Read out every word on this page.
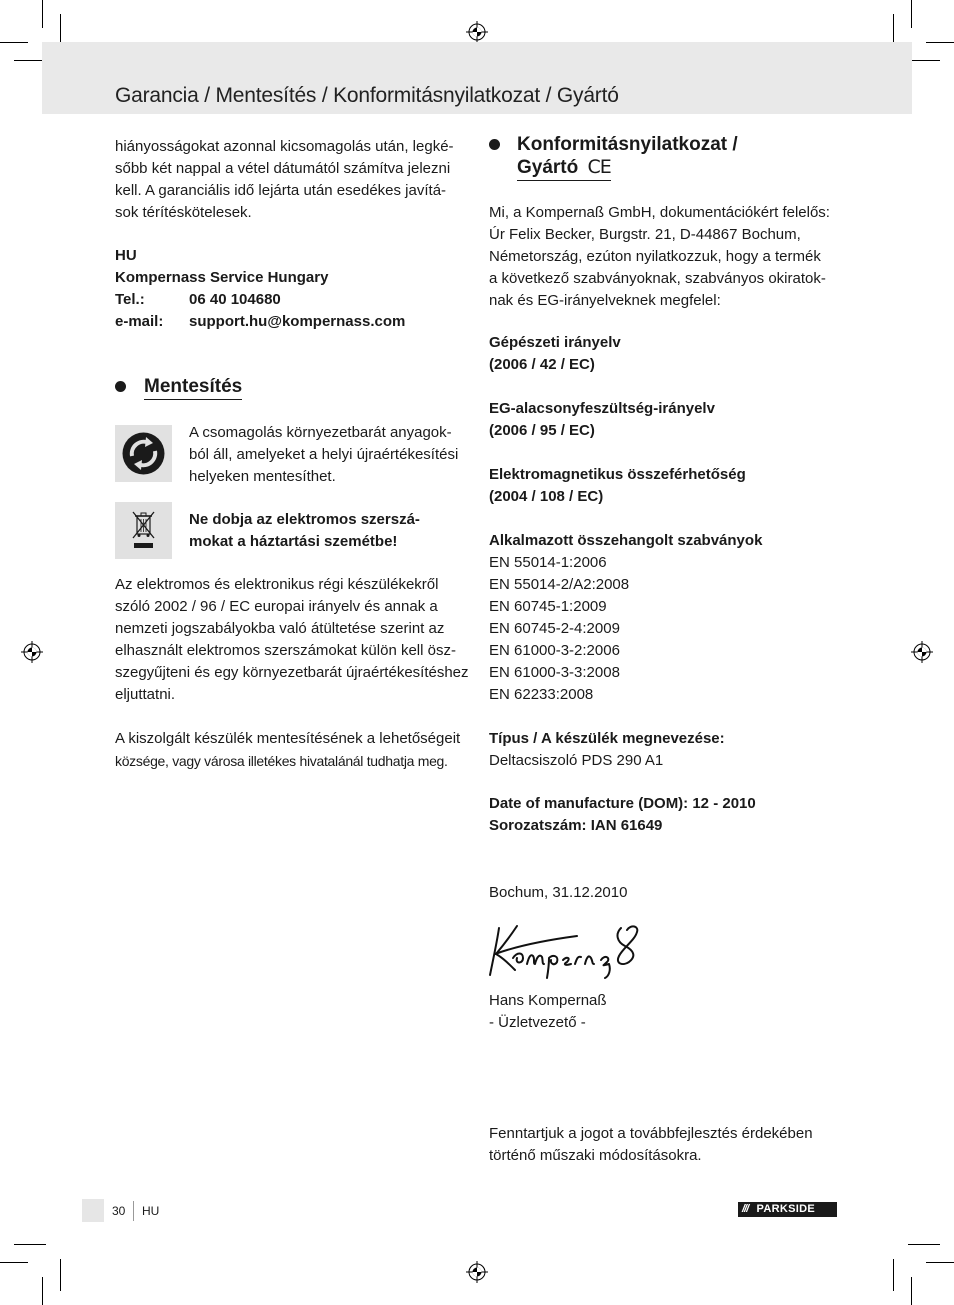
Garancia / Mentesítés / Konformitásnyilatkozat / Gyártó
hiányosságokat azonnal kicsomagolás után, legké-
sőbb két nappal a vétel dátumától számítva jelezni
kell. A garanciális idő lejárta után esedékes javítá-
sok térítéskötelesek.
HU
Kompernass Service Hungary
Tel.:	06 40 104680
e-mail: support.hu@kompernass.com
Mentesítés
A csomagolás környezetbarát anyagok-
ból áll, amelyeket a helyi újraértékesítési
helyeken mentesíthet.
Ne dobja az elektromos szerszá-
mokat a háztartási szemétbe!
Az elektromos és elektronikus régi készülékekről
szóló 2002 / 96 / EC europai irányelv és annak a
nemzeti jogszabályokba való átültetése szerint az
elhasznált elektromos szerszámokat külön kell ösz-
szegyűjteni és egy környezetbarát újraértékesítéshez
eljuttatni.
A kiszolgált készülék mentesítésének a lehetőségeit
községe, vagy városa illetékes hivatalánál tudhatja meg.
Konformitásnyilatkozat /
Gyártó CE
Mi, a Kompernaß GmbH, dokumentációkért felelős:
Úr Felix Becker, Burgstr. 21, D-44867 Bochum,
Németország, ezúton nyilatkozzuk, hogy a termék
a következő szabványoknak, szabványos okiratok-
nak és EG-irányelveknek megfelel:
Gépészeti irányelv
(2006 / 42 / EC)
EG-alacsonyfeszültség-irányelv
(2006 / 95 / EC)
Elektromagnetikus összeférhetőség
(2004 / 108 / EC)
Alkalmazott összehangolt szabványok
EN 55014-1:2006
EN 55014-2/A2:2008
EN 60745-1:2009
EN 60745-2-4:2009
EN 61000-3-2:2006
EN 61000-3-3:2008
EN 62233:2008
Típus / A készülék megnevezése:
Deltacsiszoló PDS 290 A1
Date of manufacture (DOM): 12 - 2010
Sorozatszám: IAN 61649
Bochum, 31.12.2010
Hans Kompernaß
- Üzletvezető -
Fenntartjuk a jogot a továbbfejlesztés érdekében
történő műszaki módosításokra.
30 HU	/// PARKSIDE
